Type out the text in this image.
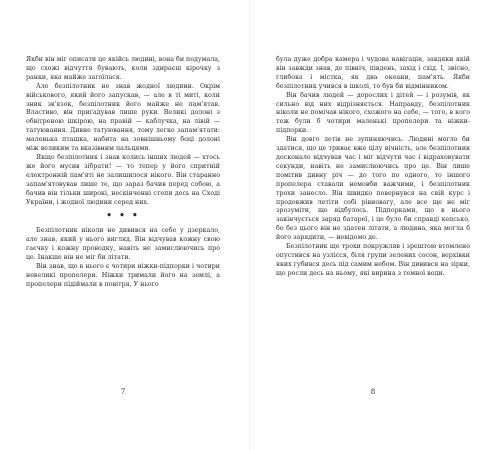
Якби він міг описати це якійсь людині, вона би подумала, що схожі відчуття бувають, коли здираєш кірочку з ранки, яка майже загоїлася.

Але безпілотник не знав жодної людини. Окрім військового, який його запускав, — але в ті миті, коли зник зв'язок, безпілотник його майже не пам'ятав. Властиво, він пригадував лише руки. Великі долоні з обвітреною шкірою, на правій — каблучка, на лівій — татуювання. Дивне татуювання, тому легко запам'ятати: маленька пташка, набита на зовнішньому боці долоні між великим та вказівним пальцями.

Якщо безпілотник і знав колись інших людей — хтось же його мусив зібрати! — то тепер у його спритній електронній пам'яті не залишилося нікого. Він старанно запам'ятовував лише те, що зараз бачив перед собою, а бачив він тільки широкі, нескінченні степи десь на Сході України, і жодної людини серед них.

• • •

Безпілотник ніколи не дивився на себе у дзеркало, але знав, який у нього вигляд. Він відчував кожну свою гаєчку і кожну проводку, навіть не замислюючись про це. Інакше він не міг би літати.

Він знав, що в нього є чотири ніжки-підпорки і чотири невеликі пропелери. Ніжки тримали його на землі, а пропелери підіймали в повітря. У нього

7

була дуже добра камера і чудова навігація, завдяки якій він завжди знав, де північ, південь, захід і схід. І, звісно, глибока і місткa, як два океани, пам'ять. Якби безпілотник учився в школі, то був би відмінником.

Він бачив людей — дорослих і дітей — і розумів, як сильно від них відрізняється. Направду, безпілотник ніколи не помічав нікого, схожого на себе, — того, в кого теж були б чотири маленькі пропелери та ніжки-підпорки.

Він довго летів не зупиняючись. Людині могло би здатися, що це триває вже цілу вічність, але безпілотник досконало відчував час і міг відчути час і відраховувати секунди, навіть не замислюючись про це. Він лише помітив дивну річ — до того по одного, то іншого пропелера ставали немовби важчими, і безпілотник трохи занесло. Він швидко повернувся на свій курс і продовжив летіти собі рівновагу, але все ще не міг зрозуміти, що відбулось. Підпорками, що в нього закінчується заряд батареї, і це було би справді кепсько, бо без цього він не здатен літати, а людина, яка могла б його зарядити, — невідомо де.

Безпілотник ще трохи покружляв і зрештою втомлено опустився на узлісся, біля групи зелених сосон, верхівки яких губився десь під самим небом. Він дивився на зірки, що росли десь на ньому, які вирина з темної води.

8
